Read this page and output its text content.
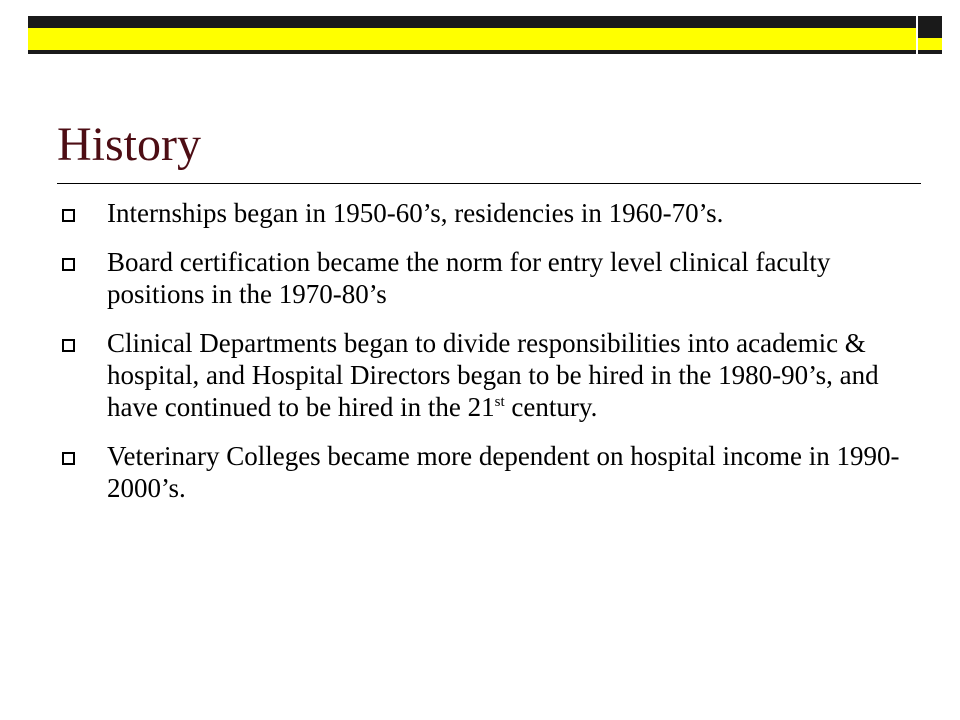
History
Internships began in 1950-60’s, residencies in 1960-70’s.
Board certification became the norm for entry level clinical faculty positions in the 1970-80’s
Clinical Departments began to divide responsibilities into academic & hospital, and Hospital Directors began to be hired in the 1980-90’s, and have continued to be hired in the 21st century.
Veterinary Colleges became more dependent on hospital income in 1990-2000’s.
